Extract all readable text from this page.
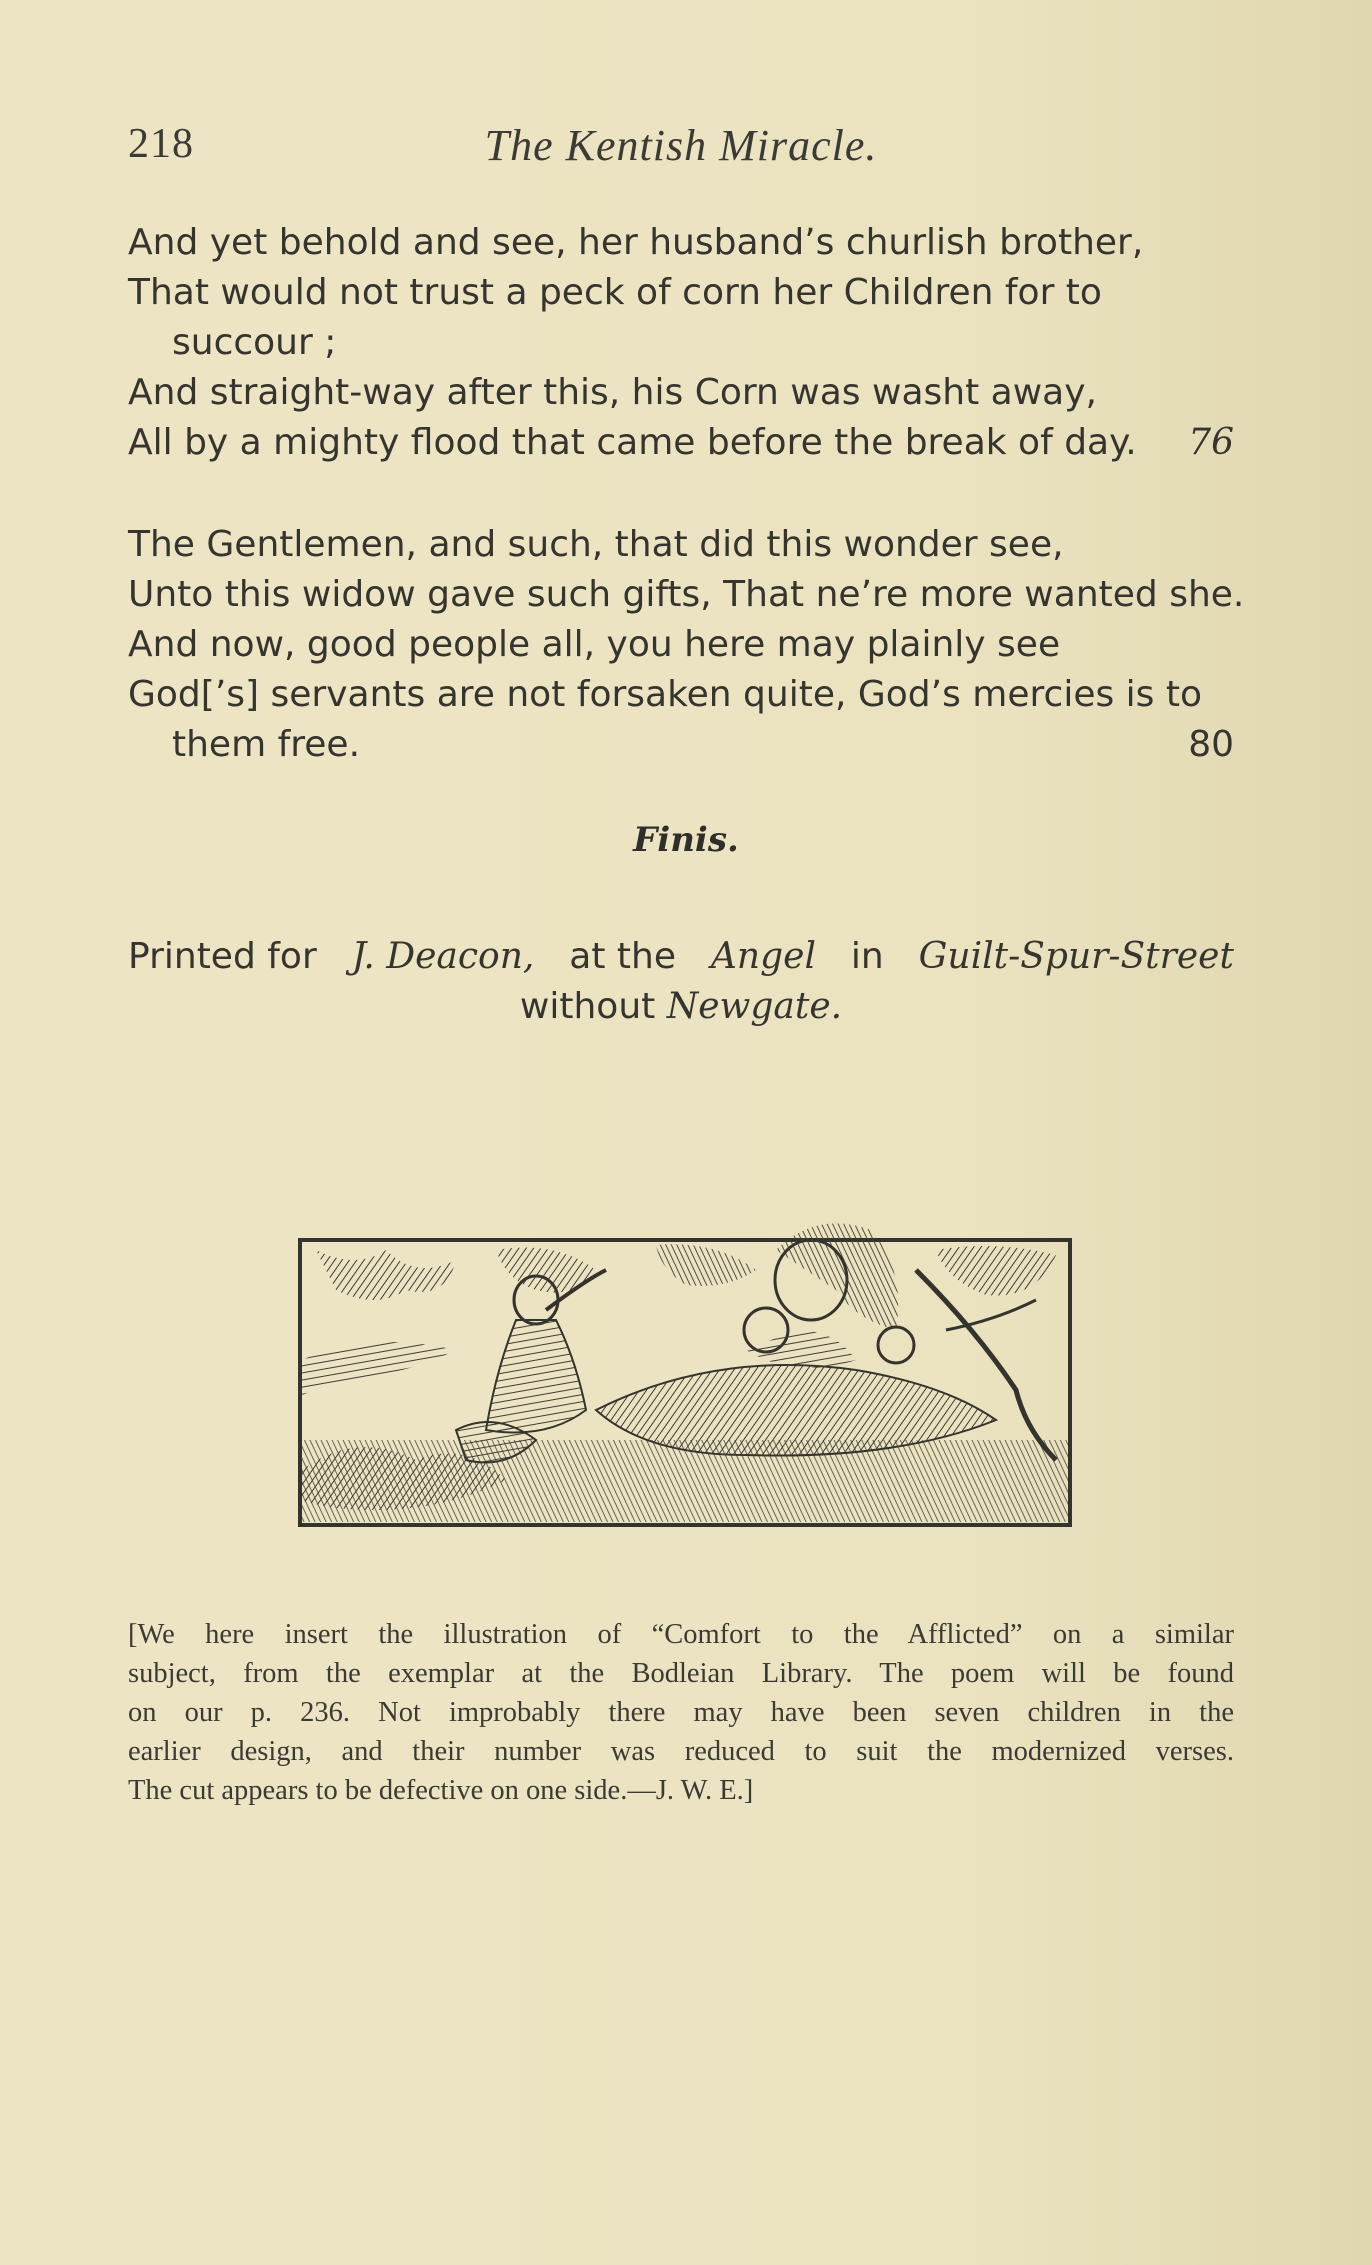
218	The Kentish Miracle.
And yet behold and see, her husband’s churlish brother,
That would not trust a peck of corn her Children for to
succour ;
And straight-way after this, his Corn was washt away,
All by a mighty flood that came before the break of day. 76
The Gentlemen, and such, that did this wonder see,
Unto this widow gave such gifts, That ne’re more wanted she.
And now, good people all, you here may plainly see
God[’s] servants are not forsaken quite, God’s mercies is to
them free.	80
Finis.
Printed for J. Deacon, at the Angel in Guilt-Spur-Street
without Newgate.
[We here insert the illustration of “Comfort to the Afflicted” on a similar
subject, from the exemplar at the Bodleian Library. The poem will be found
on our p. 236. Not improbably there may have been seven children in the
earlier design, and their number was reduced to suit the modernized verses.
The cut appears to be defective on one side.—J. W. E.]
